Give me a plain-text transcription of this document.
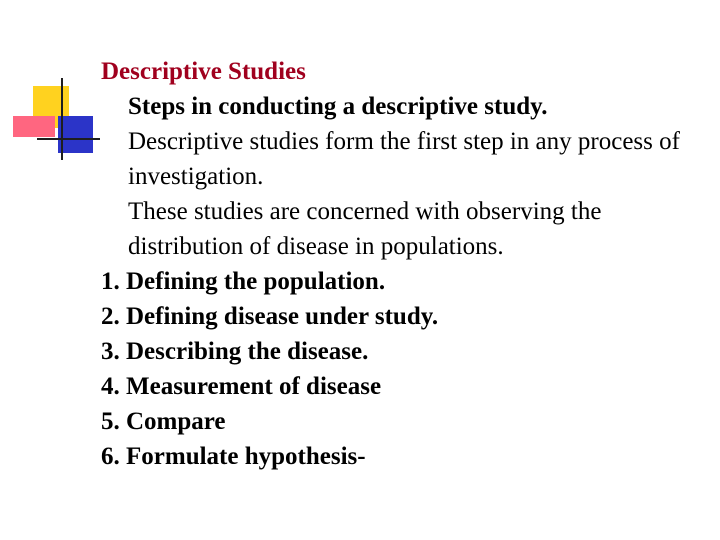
Descriptive Studies

Steps in conducting a descriptive study.

Descriptive studies form the first step in any process of investigation.

These studies are concerned with observing the distribution of disease in populations.

1. Defining the population.

2. Defining disease under study.

3. Describing the disease.

4. Measurement of disease

5. Compare

6. Formulate hypothesis-
